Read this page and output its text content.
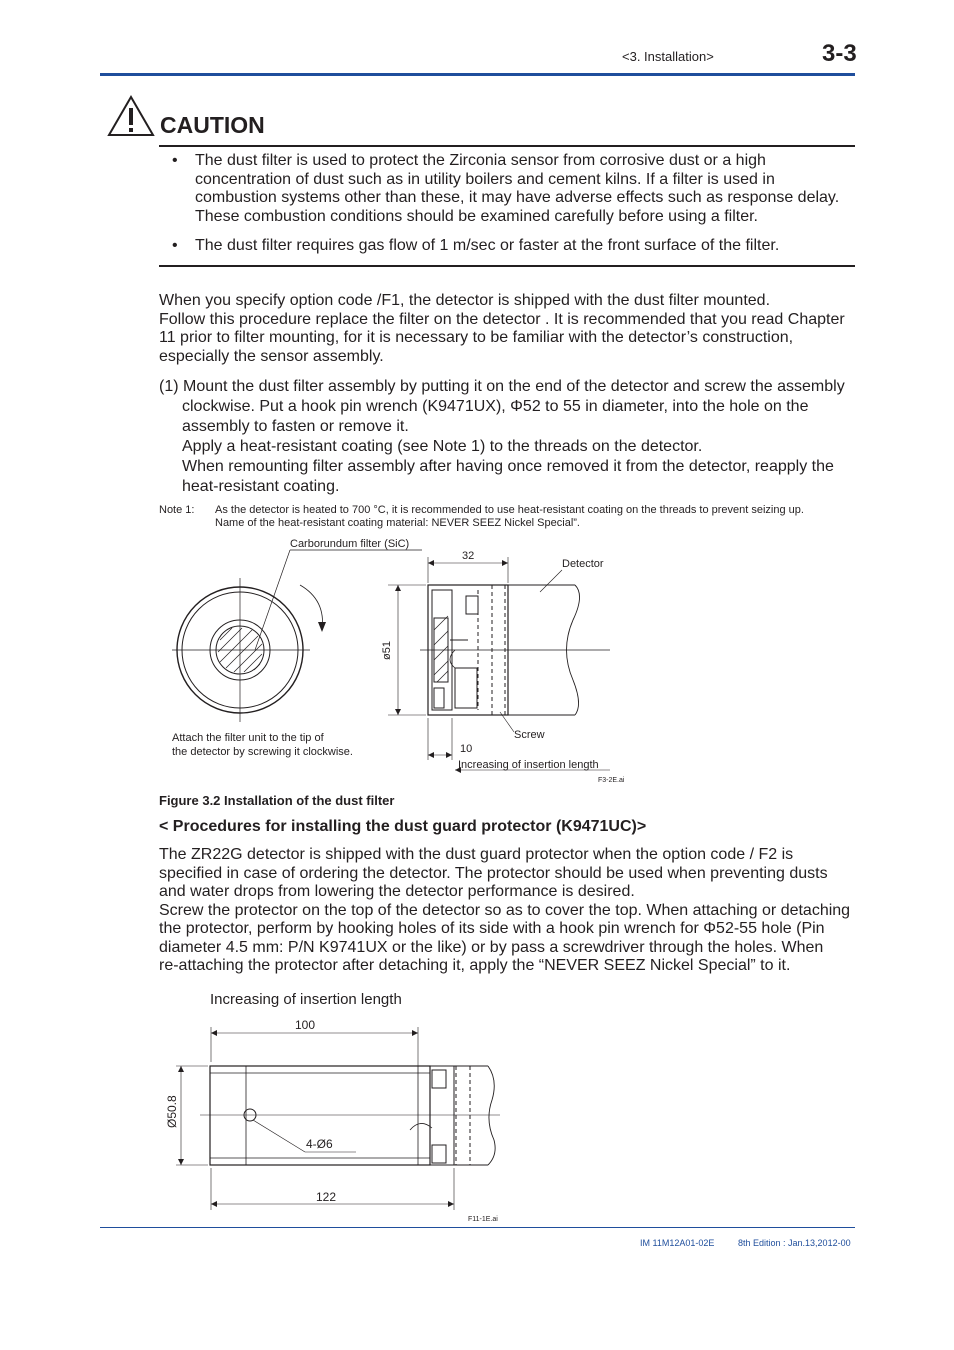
<3. Installation>	3-3
CAUTION
• The dust filter is used to protect the Zirconia sensor from corrosive dust or a high
concentration of dust such as in utility boilers and cement kilns. If a filter is used in
combustion systems other than these, it may have adverse effects such as response delay.
These combustion conditions should be examined carefully before using a filter.
• The dust filter requires gas flow of 1 m/sec or faster at the front surface of the filter.
When you specify option code /F1, the detector is shipped with the dust filter mounted.
Follow this procedure replace the filter on the detector . It is recommended that you read Chapter
11 prior to filter mounting, for it is necessary to be familiar with the detector’s construction,
especially the sensor assembly.
(1) Mount the dust filter assembly by putting it on the end of the detector and screw the assembly
clockwise. Put a hook pin wrench (K9471UX), Φ52 to 55 in diameter, into the hole on the
assembly to fasten or remove it.
Apply a heat-resistant coating (see Note 1) to the threads on the detector.
When remounting filter assembly after having once removed it from the detector, reapply the
heat-resistant coating.
Note 1: As the detector is heated to 700 °C, it is recommended to use heat-resistant coating on the threads to prevent seizing up.
Name of the heat-resistant coating material: NEVER SEEZ Nickel Special”.
Carborundum filter (SiC)
32
Detector
ø51
Attach the filter unit to the tip of
the detector by screwing it clockwise.
Screw
10
Increasing of insertion length
F3-2E.ai
Figure 3.2 Installation of the dust filter
< Procedures for installing the dust guard protector (K9471UC)>
The ZR22G detector is shipped with the dust guard protector when the option code / F2 is
specified in case of ordering the detector. The protector should be used when preventing dusts
and water drops from lowering the detector performance is desired.
Screw the protector on the top of the detector so as to cover the top. When attaching or detaching
the protector, perform by hooking holes of its side with a hook pin wrench for Φ52-55 hole (Pin
diameter 4.5 mm: P/N K9741UX or the like) or by pass a screwdriver through the holes. When
re-attaching the protector after detaching it, apply the “NEVER SEEZ Nickel Special” to it.
Increasing of insertion length
100
Ø50.8
4-Ø6
122
F11-1E.ai
IM 11M12A01-02E	8th Edition : Jan.13,2012-00
